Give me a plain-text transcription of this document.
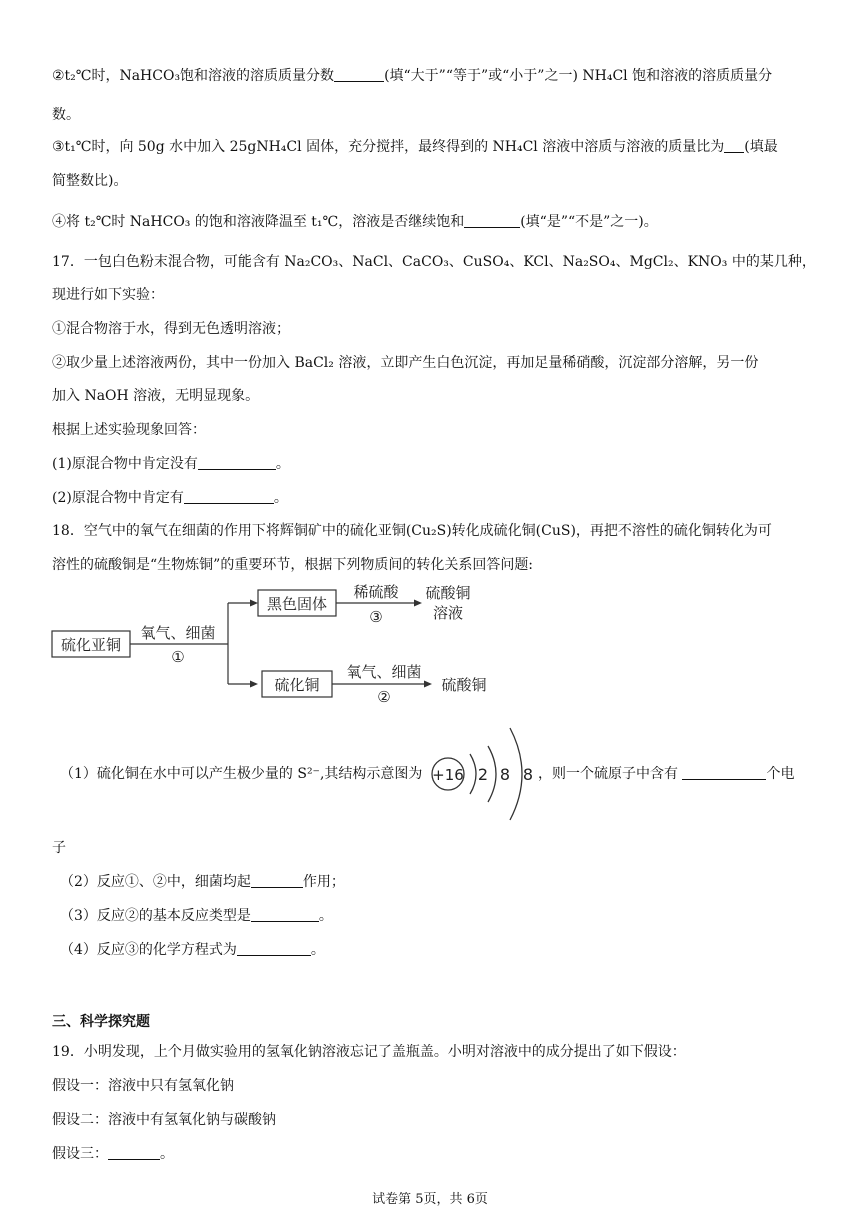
②t₂℃时，NaHCO₃饱和溶液的溶质质量分数	(填“大于”“等于”或“小于”之一) NH₄Cl 饱和溶液的溶质质量分
数。
③t₁℃时，向 50g 水中加入 25gNH₄Cl 固体，充分搅拌，最终得到的 NH₄Cl 溶液中溶质与溶液的质量比为 (填最
简整数比)。
④将 t₂℃时 NaHCO₃ 的饱和溶液降温至 t₁℃，溶液是否继续饱和	(填“是”“不是”之一)。
17．一包白色粉末混合物，可能含有 Na₂CO₃、NaCl、CaCO₃、CuSO₄、KCl、Na₂SO₄、MgCl₂、KNO₃ 中的某几种，
现进行如下实验：
①混合物溶于水，得到无色透明溶液；
②取少量上述溶液两份，其中一份加入 BaCl₂ 溶液，立即产生白色沉淀，再加足量稀硝酸，沉淀部分溶解，另一份
加入 NaOH 溶液，无明显现象。
根据上述实验现象回答：
(1)原混合物中肯定没有	。
(2)原混合物中肯定有	。
18．空气中的氧气在细菌的作用下将辉铜矿中的硫化亚铜(Cu₂S)转化成硫化铜(CuS)，再把不溶性的硫化铜转化为可
溶性的硫酸铜是“生物炼铜”的重要环节，根据下列物质间的转化关系回答问题:
硫化亚铜
氧气、细菌
①
黑色固体
稀硫酸
③
硫酸铜
溶液
硫化铜
氧气、细菌
②
硫酸铜
（1）硫化铜在水中可以产生极少量的 S²⁻,其结构示意图为 +16 2 8 8 ，则一个硫原子中含有	个电
子
（2）反应①、②中，细菌均起	作用；
（3）反应②的基本反应类型是	。
（4）反应③的化学方程式为	。
三、科学探究题
19．小明发现，上个月做实验用的氢氧化钠溶液忘记了盖瓶盖。小明对溶液中的成分提出了如下假设：
假设一：溶液中只有氢氧化钠
假设二：溶液中有氢氧化钠与碳酸钠
假设三：	。
试卷第 5页，共 6页
